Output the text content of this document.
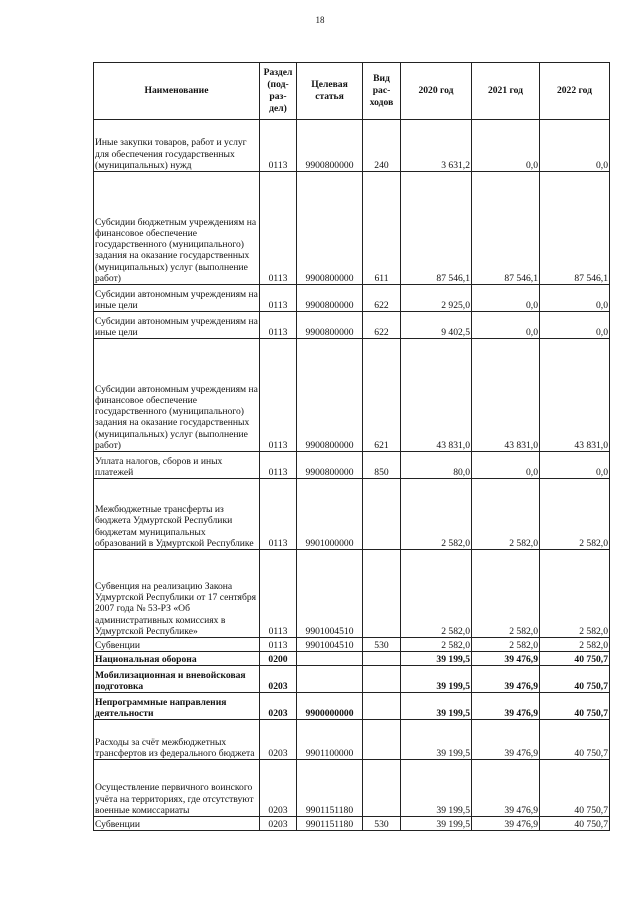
18
Наименование	Раздел (под-раз-дел)	Целевая статья	Вид рас-ходов	2020 год	2021 год	2022 год
Иные закупки товаров, работ и услуг для обеспечения государственных (муниципальных) нужд	0113	9900800000	240	3 631,2	0,0	0,0
Субсидии бюджетным учреждениям на финансовое обеспечение государственного (муниципального) задания на оказание государственных (муниципальных) услуг (выполнение работ)	0113	9900800000	611	87 546,1	87 546,1	87 546,1
Субсидии автономным учреждениям на иные цели	0113	9900800000	622	2 925,0	0,0	0,0
Субсидии автономным учреждениям на иные цели	0113	9900800000	622	9 402,5	0,0	0,0
Субсидии автономным учреждениям на финансовое обеспечение государственного (муниципального) задания на оказание государственных (муниципальных) услуг (выполнение работ)	0113	9900800000	621	43 831,0	43 831,0	43 831,0
Уплата налогов, сборов и иных платежей	0113	9900800000	850	80,0	0,0	0,0
Межбюджетные трансферты из бюджета Удмуртской Республики бюджетам муниципальных образований в Удмуртской Республике	0113	9901000000		2 582,0	2 582,0	2 582,0
Субвенция на реализацию Закона Удмуртской Республики от 17 сентября 2007 года № 53-РЗ «Об административных комиссиях в Удмуртской Республике»	0113	9901004510		2 582,0	2 582,0	2 582,0
Субвенции	0113	9901004510	530	2 582,0	2 582,0	2 582,0
Национальная оборона	0200			39 199,5	39 476,9	40 750,7
Мобилизационная и вневойсковая подготовка	0203			39 199,5	39 476,9	40 750,7
Непрограммные направления деятельности	0203	9900000000		39 199,5	39 476,9	40 750,7
Расходы за счёт межбюджетных трансфертов из федерального бюджета	0203	9901100000		39 199,5	39 476,9	40 750,7
Осуществление первичного воинского учёта на территориях, где отсутствуют военные комиссариаты	0203	9901151180		39 199,5	39 476,9	40 750,7
Субвенции	0203	9901151180	530	39 199,5	39 476,9	40 750,7
